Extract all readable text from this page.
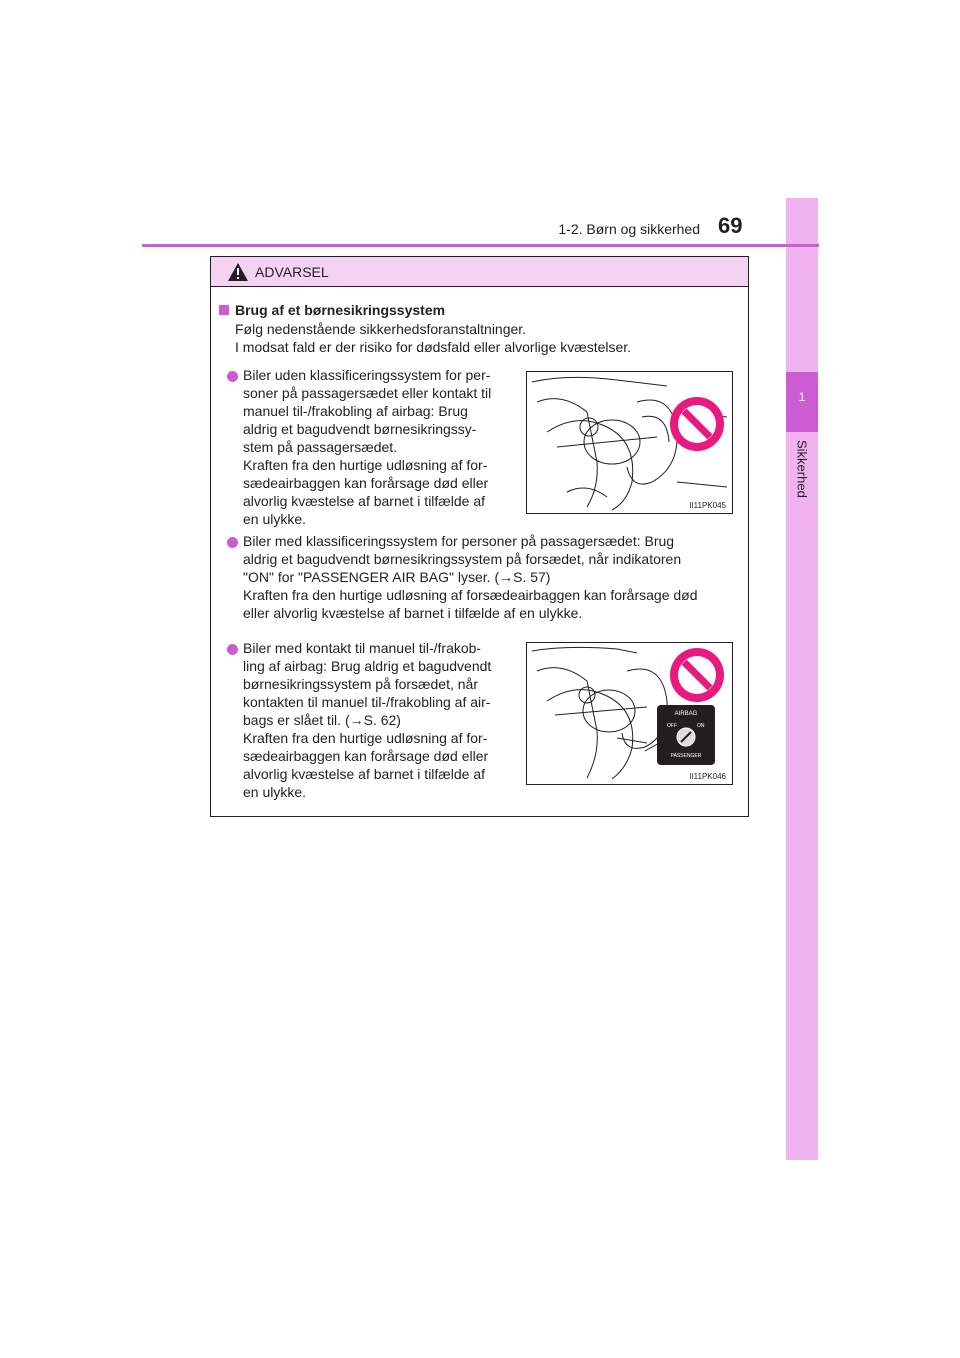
1
Sikkerhed
1-2. Børn og sikkerhed 69
ADVARSEL
Brug af et børnesikringssystem
Følg nedenstående sikkerhedsforanstaltninger.
I modsat fald er der risiko for dødsfald eller alvorlige kvæstelser.
Biler uden klassificeringssystem for per-
soner på passagersædet eller kontakt til
manuel til-/frakobling af airbag: Brug
aldrig et bagudvendt børnesikringssy-
stem på passagersædet.
Kraften fra den hurtige udløsning af for-
sædeairbaggen kan forårsage død eller
alvorlig kvæstelse af barnet i tilfælde af
en ulykke.
II11PK045
Biler med klassificeringssystem for personer på passagersædet: Brug
aldrig et bagudvendt børnesikringssystem på forsædet, når indikatoren
"ON" for "PASSENGER AIR BAG" lyser. (→S. 57)
Kraften fra den hurtige udløsning af forsædeairbaggen kan forårsage død
eller alvorlig kvæstelse af barnet i tilfælde af en ulykke.
Biler med kontakt til manuel til-/frakob-
ling af airbag: Brug aldrig et bagudvendt
børnesikringssystem på forsædet, når
kontakten til manuel til-/frakobling af air-
bags er slået til. (→S. 62)
Kraften fra den hurtige udløsning af for-
sædeairbaggen kan forårsage død eller
alvorlig kvæstelse af barnet i tilfælde af
en ulykke.
AIRBAG
OFF	ON
PASSENGER
II11PK046
